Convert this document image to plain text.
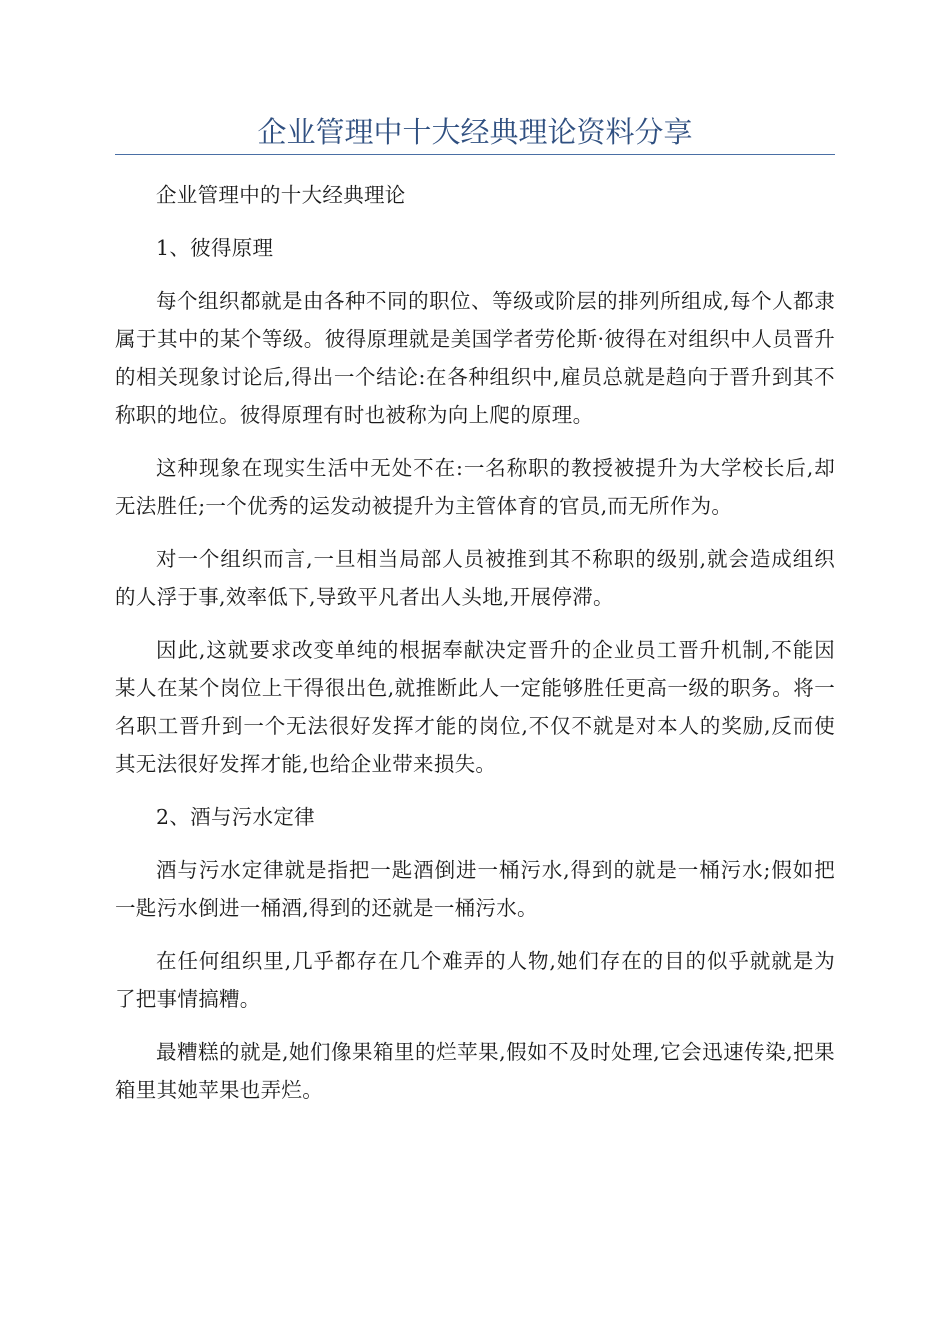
企业管理中十大经典理论资料分享

企业管理中的十大经典理论

1、彼得原理

每个组织都就是由各种不同的职位、等级或阶层的排列所组成,每个人都隶属于其中的某个等级。彼得原理就是美国学者劳伦斯·彼得在对组织中人员晋升的相关现象讨论后,得出一个结论:在各种组织中,雇员总就是趋向于晋升到其不称职的地位。彼得原理有时也被称为向上爬的原理。

这种现象在现实生活中无处不在:一名称职的教授被提升为大学校长后,却无法胜任;一个优秀的运发动被提升为主管体育的官员,而无所作为。

对一个组织而言,一旦相当局部人员被推到其不称职的级别,就会造成组织的人浮于事,效率低下,导致平凡者出人头地,开展停滞。

因此,这就要求改变单纯的根据奉献决定晋升的企业员工晋升机制,不能因某人在某个岗位上干得很出色,就推断此人一定能够胜任更高一级的职务。将一名职工晋升到一个无法很好发挥才能的岗位,不仅不就是对本人的奖励,反而使其无法很好发挥才能,也给企业带来损失。

2、酒与污水定律

酒与污水定律就是指把一匙酒倒进一桶污水,得到的就是一桶污水;假如把一匙污水倒进一桶酒,得到的还就是一桶污水。

在任何组织里,几乎都存在几个难弄的人物,她们存在的目的似乎就就是为了把事情搞糟。

最糟糕的就是,她们像果箱里的烂苹果,假如不及时处理,它会迅速传染,把果箱里其她苹果也弄烂。
